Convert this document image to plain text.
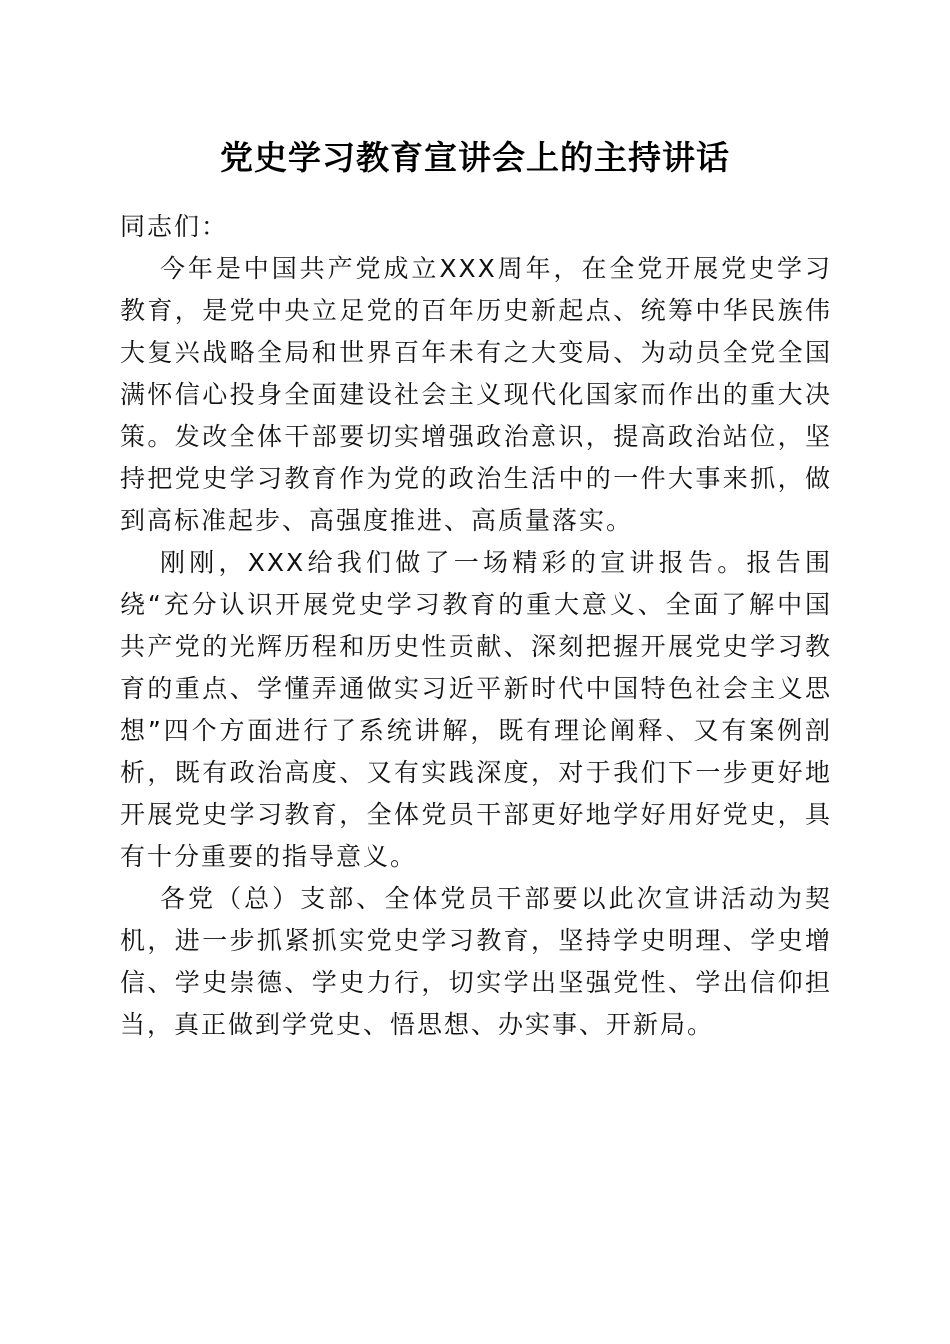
党史学习教育宣讲会上的主持讲话

同志们：

今年是中国共产党成立XXX周年，在全党开展党史学习教育，是党中央立足党的百年历史新起点、统筹中华民族伟大复兴战略全局和世界百年未有之大变局、为动员全党全国满怀信心投身全面建设社会主义现代化国家而作出的重大决策。发改全体干部要切实增强政治意识，提高政治站位，坚持把党史学习教育作为党的政治生活中的一件大事来抓，做到高标准起步、高强度推进、高质量落实。

刚刚，XXX给我们做了一场精彩的宣讲报告。报告围绕“充分认识开展党史学习教育的重大意义、全面了解中国共产党的光辉历程和历史性贡献、深刻把握开展党史学习教育的重点、学懂弄通做实习近平新时代中国特色社会主义思想”四个方面进行了系统讲解，既有理论阐释、又有案例剖析，既有政治高度、又有实践深度，对于我们下一步更好地开展党史学习教育，全体党员干部更好地学好用好党史，具有十分重要的指导意义。

各党（总）支部、全体党员干部要以此次宣讲活动为契机，进一步抓紧抓实党史学习教育，坚持学史明理、学史增信、学史崇德、学史力行，切实学出坚强党性、学出信仰担当，真正做到学党史、悟思想、办实事、开新局。
